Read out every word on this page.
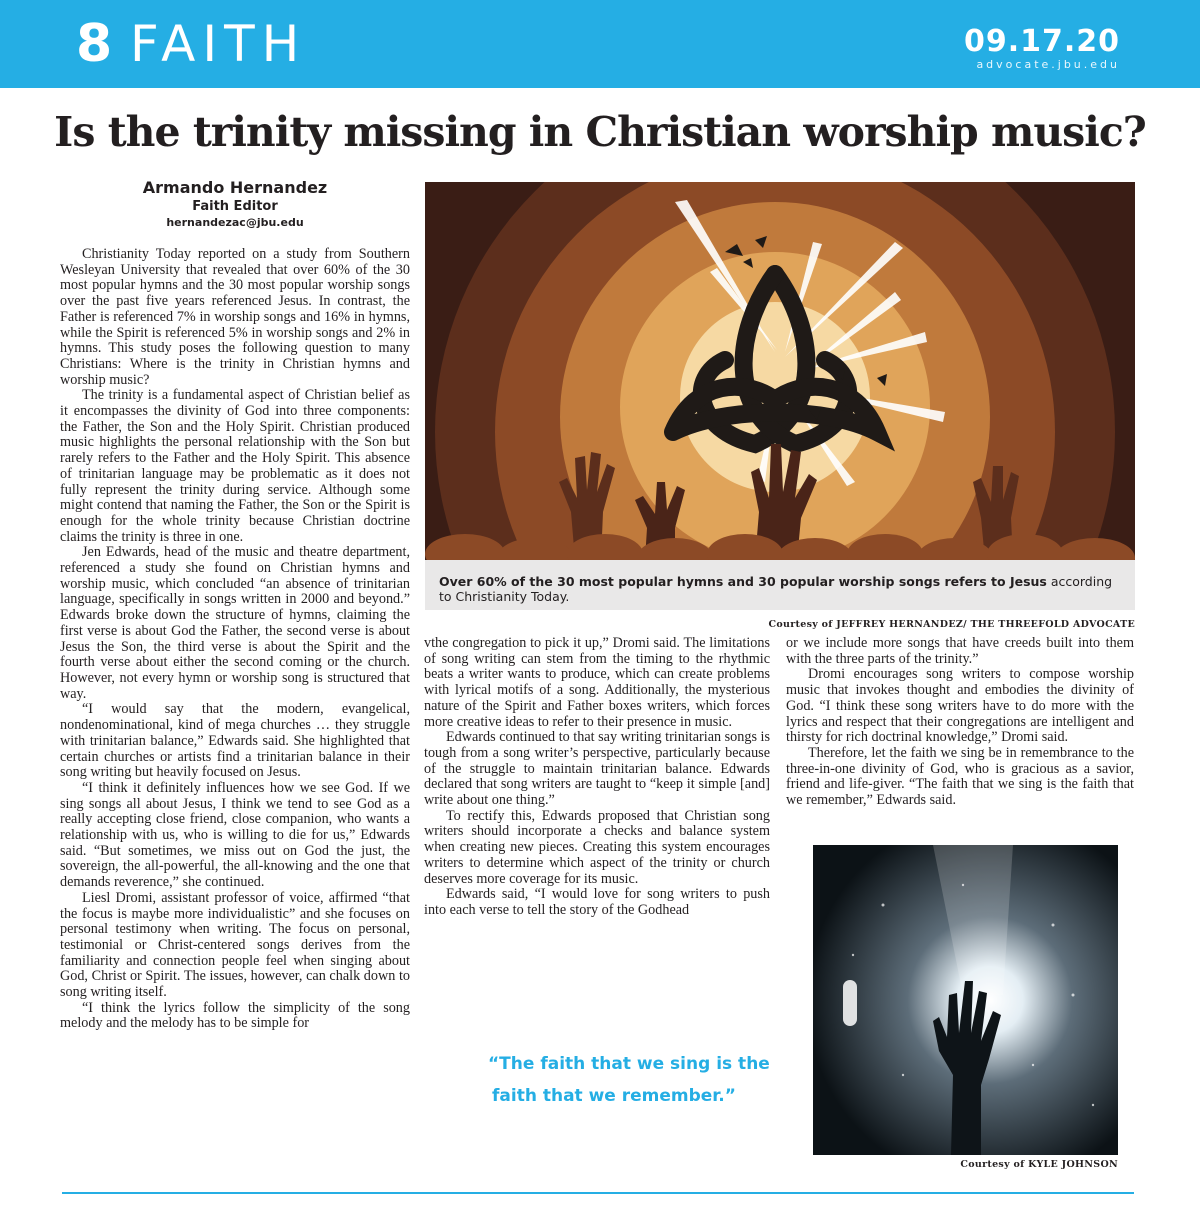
8 FAITH	09.17.20
advocate.jbu.edu
Is the trinity missing in Christian worship music?
Armando Hernandez
Faith Editor
hernandezac@jbu.edu

Christianity Today reported on a study from Southern Wesleyan University that revealed that over 60% of the 30 most popular hymns and the 30 most popular worship songs over the past five years referenced Jesus. In contrast, the Father is referenced 7% in worship songs and 16% in hymns, while the Spirit is referenced 5% in worship songs and 2% in hymns. This study poses the following question to many Christians: Where is the trinity in Christian hymns and worship music?

The trinity is a fundamental aspect of Christian belief as it encompasses the divinity of God into three components: the Father, the Son and the Holy Spirit. Christian produced music highlights the personal relationship with the Son but rarely refers to the Father and the Holy Spirit. This absence of trinitarian language may be problematic as it does not fully represent the trinity during service. Although some might contend that naming the Father, the Son or the Spirit is enough for the whole trinity because Christian doctrine claims the trinity is three in one.

Jen Edwards, head of the music and theatre department, referenced a study she found on Christian hymns and worship music, which concluded “an absence of trinitarian language, specifically in songs written in 2000 and beyond.” Edwards broke down the structure of hymns, claiming the first verse is about God the Father, the second verse is about Jesus the Son, the third verse is about the Spirit and the fourth verse about either the second coming or the church. However, not every hymn or worship song is structured that way.

“I would say that the modern, evangelical, nondenominational, kind of mega churches … they struggle with trinitarian balance,” Edwards said. She highlighted that certain churches or artists find a trinitarian balance in their song writing but heavily focused on Jesus.

“I think it definitely influences how we see God. If we sing songs all about Jesus, I think we tend to see God as a really accepting close friend, close companion, who wants a relationship with us, who is willing to die for us,” Edwards said. “But sometimes, we miss out on God the just, the sovereign, the all-powerful, the all-knowing and the one that demands reverence,” she continued.

Liesl Dromi, assistant professor of voice, affirmed “that the focus is maybe more individualistic” and she focuses on personal testimony when writing. The focus on personal, testimonial or Christ-centered songs derives from the familiarity and connection people feel when singing about God, Christ or Spirit. The issues, however, can chalk down to song writing itself.

“I think the lyrics follow the simplicity of the song melody and the melody has to be simple for

Over 60% of the 30 most popular hymns and 30 popular worship songs refers to Jesus according to Christianity Today.
Courtesy of JEFFREY HERNANDEZ/ THE THREEFOLD ADVOCATE

vthe congregation to pick it up,” Dromi said. The limitations of song writing can stem from the timing to the rhythmic beats a writer wants to produce, which can create problems with lyrical motifs of a song. Additionally, the mysterious nature of the Spirit and Father boxes writers, which forces more creative ideas to refer to their presence in music.

Edwards continued to that say writing trinitarian songs is tough from a song writer’s perspective, particularly because of the struggle to maintain trinitarian balance. Edwards declared that song writers are taught to “keep it simple [and] write about one thing.”

To rectify this, Edwards proposed that Christian song writers should incorporate a checks and balance system when creating new pieces. Creating this system encourages writers to determine which aspect of the trinity or church deserves more coverage for its music.

Edwards said, “I would love for song writers to push into each verse to tell the story of the Godhead

“The faith that we sing is the
faith that we remember.”

or we include more songs that have creeds built into them with the three parts of the trinity.”

Dromi encourages song writers to compose worship music that invokes thought and embodies the divinity of God. “I think these song writers have to do more with the lyrics and respect that their congregations are intelligent and thirsty for rich doctrinal knowledge,” Dromi said.

Therefore, let the faith we sing be in remembrance to the three-in-one divinity of God, who is gracious as a savior, friend and life-giver. “The faith that we sing is the faith that we remember,” Edwards said.

Courtesy of KYLE JOHNSON
